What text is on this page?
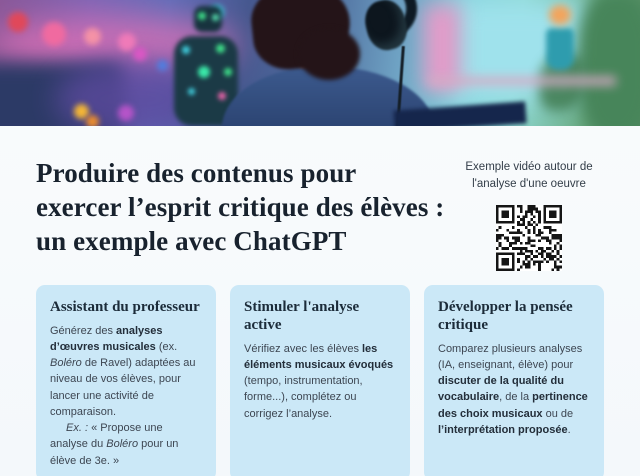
Produire des contenus pour exercer l’esprit critique des élèves : un exemple avec ChatGPT
Exemple vidéo autour de l'analyse d'une oeuvre
Assistant du professeur

Générez des analyses d’œuvres musicales (ex. Boléro de Ravel) adaptées au niveau de vos élèves, pour lancer une activité de comparaison.

Ex. : « Propose une analyse du Boléro pour un élève de 3e. »

Stimuler l'analyse active

Vérifiez avec les élèves les éléments musicaux évoqués (tempo, instrumentation, forme...), complétez ou corrigez l’analyse.

Développer la pensée critique

Comparez plusieurs analyses (IA, enseignant, élève) pour discuter de la qualité du vocabulaire, de la pertinence des choix musicaux ou de l’interprétation proposée.
